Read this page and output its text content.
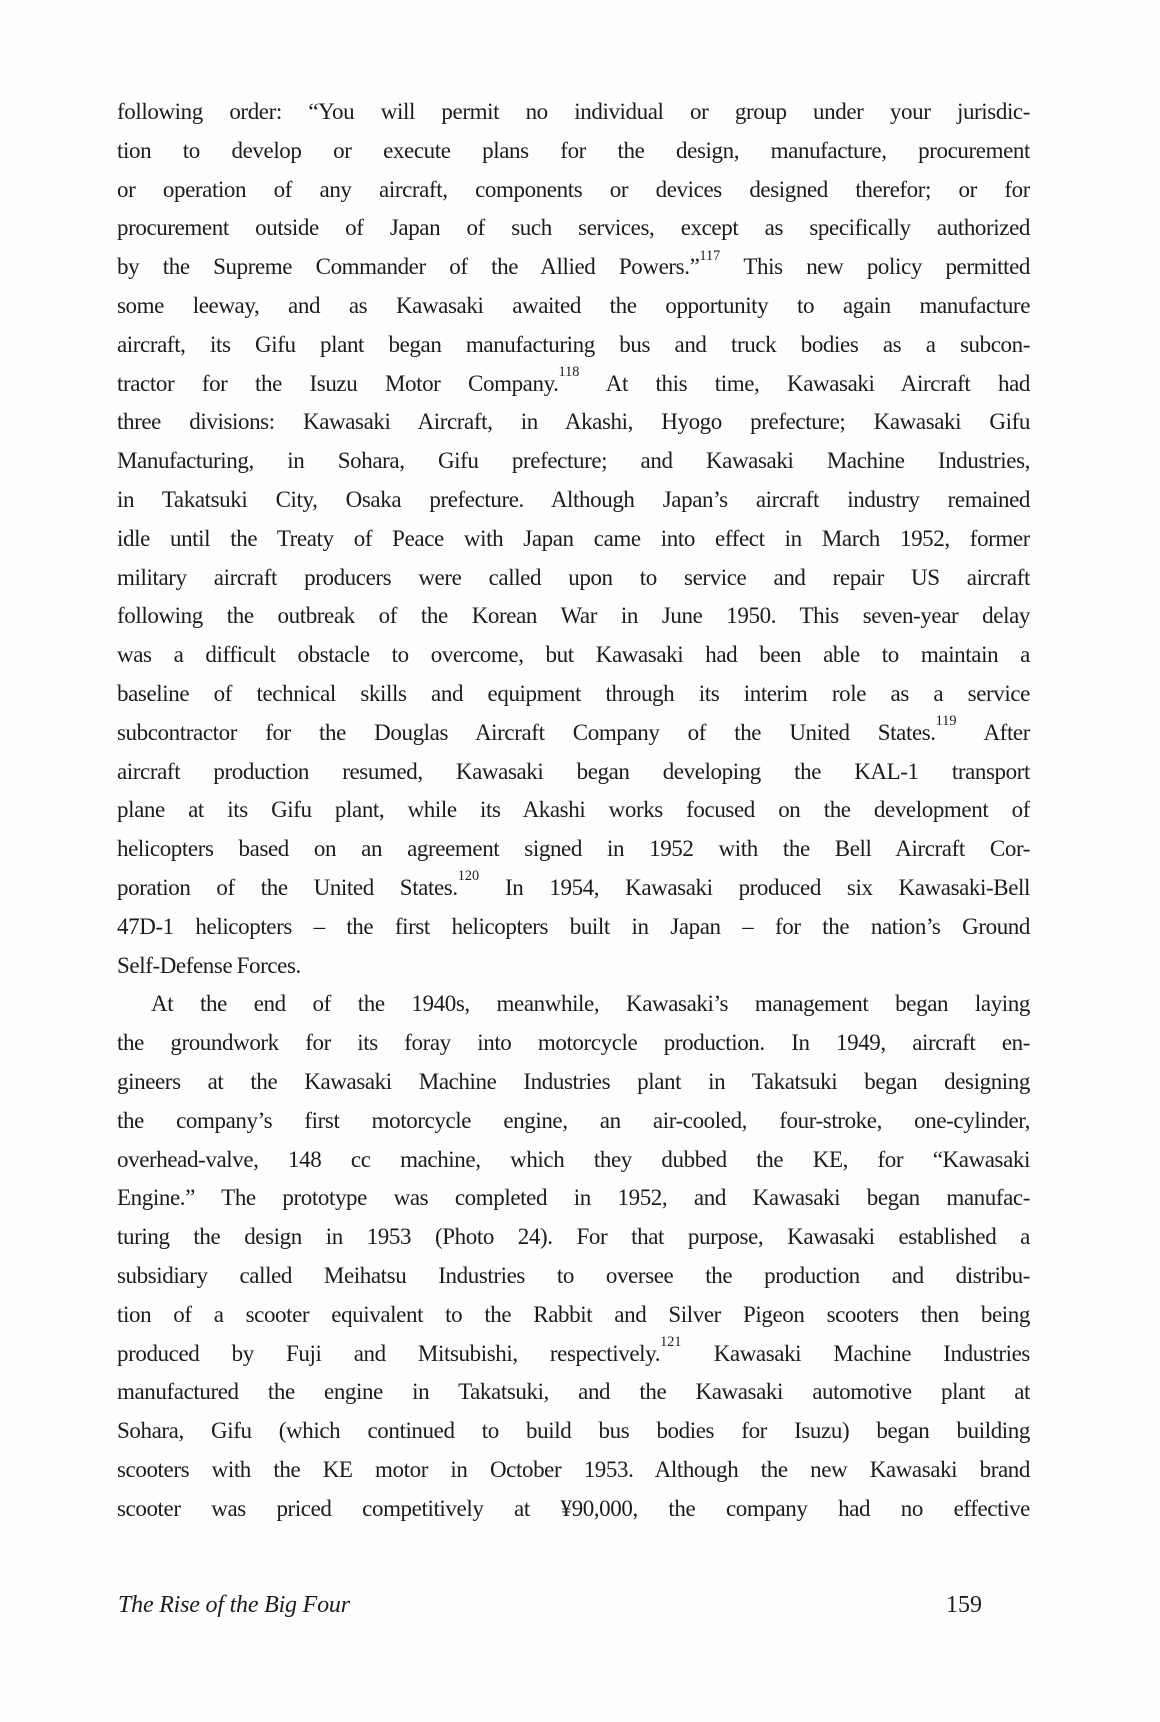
following order: “You will permit no individual or group under your jurisdic-
tion to develop or execute plans for the design, manufacture, procurement
or operation of any aircraft, components or devices designed therefor; or for
procurement outside of Japan of such services, except as specifically authorized
by the Supreme Commander of the Allied Powers.”$^{117}$ This new policy permitted
some leeway, and as Kawasaki awaited the opportunity to again manufacture
aircraft, its Gifu plant began manufacturing bus and truck bodies as a subcon-
tractor for the Isuzu Motor Company.$^{118}$ At this time, Kawasaki Aircraft had
three divisions: Kawasaki Aircraft, in Akashi, Hyogo prefecture; Kawasaki Gifu
Manufacturing, in Sohara, Gifu prefecture; and Kawasaki Machine Industries,
in Takatsuki City, Osaka prefecture. Although Japan’s aircraft industry remained
idle until the Treaty of Peace with Japan came into effect in March 1952, former
military aircraft producers were called upon to service and repair US aircraft
following the outbreak of the Korean War in June 1950. This seven-year delay
was a difficult obstacle to overcome, but Kawasaki had been able to maintain a
baseline of technical skills and equipment through its interim role as a service
subcontractor for the Douglas Aircraft Company of the United States.$^{119}$ After
aircraft production resumed, Kawasaki began developing the KAL-1 transport
plane at its Gifu plant, while its Akashi works focused on the development of
helicopters based on an agreement signed in 1952 with the Bell Aircraft Cor-
poration of the United States.$^{120}$ In 1954, Kawasaki produced six Kawasaki-Bell
47D-1 helicopters – the first helicopters built in Japan – for the nation’s Ground
Self-Defense Forces.
At the end of the 1940s, meanwhile, Kawasaki’s management began laying
the groundwork for its foray into motorcycle production. In 1949, aircraft en-
gineers at the Kawasaki Machine Industries plant in Takatsuki began designing
the company’s first motorcycle engine, an air-cooled, four-stroke, one-cylinder,
overhead-valve, 148 cc machine, which they dubbed the KE, for “Kawasaki
Engine.” The prototype was completed in 1952, and Kawasaki began manufac-
turing the design in 1953 (Photo 24). For that purpose, Kawasaki established a
subsidiary called Meihatsu Industries to oversee the production and distribu-
tion of a scooter equivalent to the Rabbit and Silver Pigeon scooters then being
produced by Fuji and Mitsubishi, respectively.$^{121}$ Kawasaki Machine Industries
manufactured the engine in Takatsuki, and the Kawasaki automotive plant at
Sohara, Gifu (which continued to build bus bodies for Isuzu) began building
scooters with the KE motor in October 1953. Although the new Kawasaki brand
scooter was priced competitively at ¥90,000, the company had no effective
The Rise of the Big Four	159
